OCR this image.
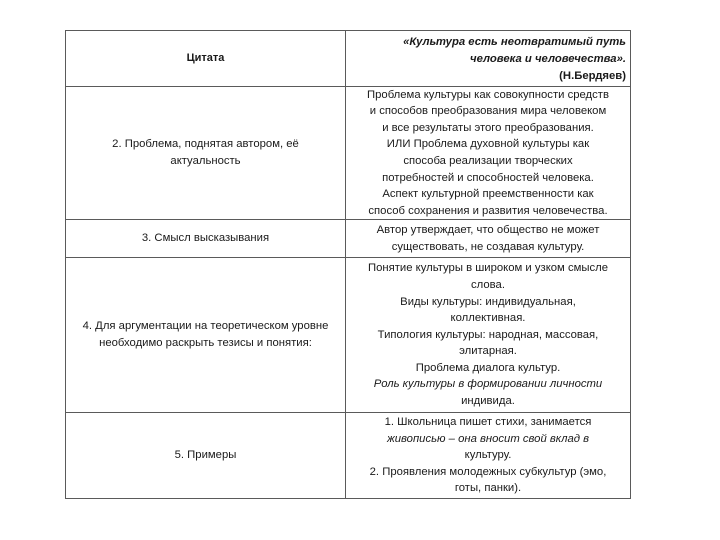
Цитата
«Культура есть неотвратимый путь
человека и человечества».
(Н.Бердяев)
2. Проблема, поднятая автором, её актуальность
Проблема культуры как совокупности средств
и способов преобразования мира человеком
и все результаты этого преобразования.
ИЛИ Проблема духовной культуры как
способа реализации творческих
потребностей и способностей человека.
Аспект культурной преемственности как
способ сохранения и развития человечества.
3. Смысл высказывания
Автор утверждает, что общество не может
существовать, не создавая культуру.
4. Для аргументации на теоретическом уровне необходимо раскрыть тезисы и понятия:
Понятие культуры в широком и узком смысле
слова.
Виды культуры: индивидуальная,
коллективная.
Типология культуры: народная, массовая,
элитарная.
Проблема диалога культур.
Роль культуры в формировании личности
индивида.
5. Примеры
1. Школьница пишет стихи, занимается
живописью – она вносит свой вклад в
культуру.
2. Проявления молодежных субкультур (эмо,
готы, панки).
